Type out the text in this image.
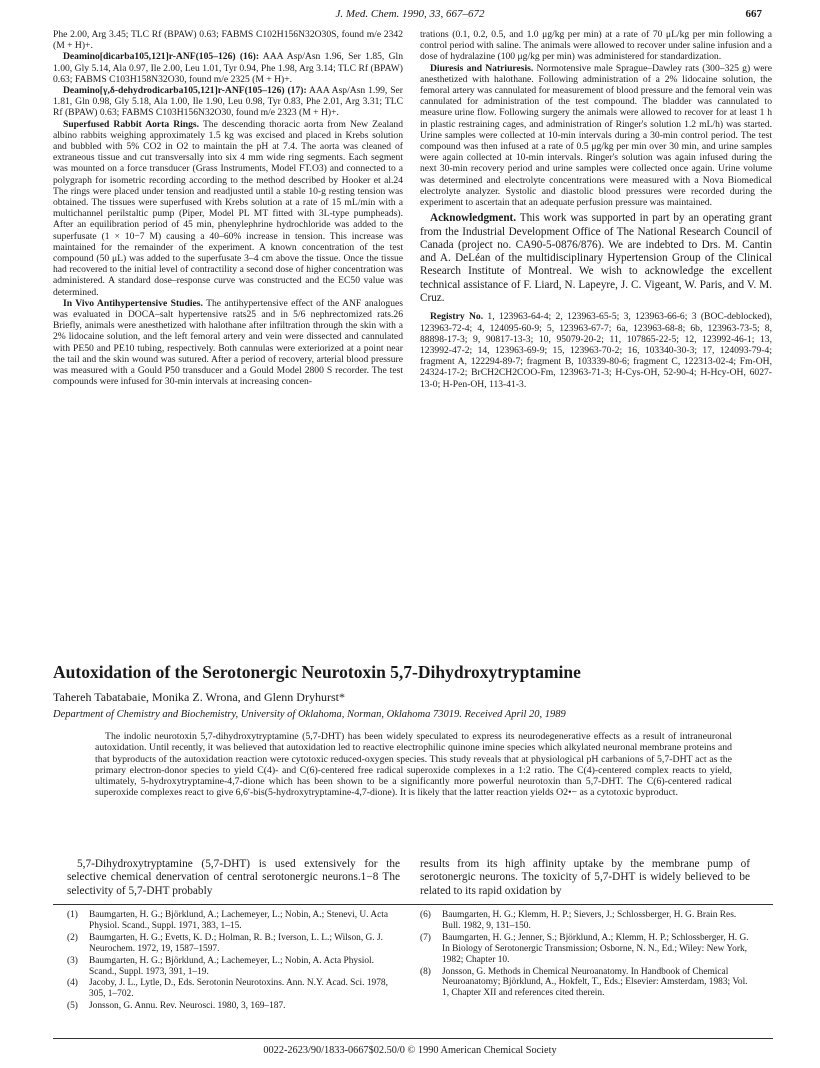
J. Med. Chem. 1990, 33, 667–672	667

Phe 2.00, Arg 3.45; TLC Rf (BPAW) 0.63; FABMS C102H156N32O30S, found m/e 2342 (M + H)+.

Deamino[dicarba105,121]r-ANF(105–126) (16): AAA Asp/Asn 1.96, Ser 1.85, Gln 1.00, Gly 5.14, Ala 0.97, Ile 2.00, Leu 1.01, Tyr 0.94, Phe 1.98, Arg 3.14; TLC Rf (BPAW) 0.63; FABMS C103H158N32O30, found m/e 2325 (M + H)+.

Deamino[γ,δ-dehydrodicarba105,121]r-ANF(105–126) (17): AAA Asp/Asn 1.99, Ser 1.81, Gln 0.98, Gly 5.18, Ala 1.00, Ile 1.90, Leu 0.98, Tyr 0.83, Phe 2.01, Arg 3.31; TLC Rf (BPAW) 0.63; FABMS C103H156N32O30, found m/e 2323 (M + H)+.

Superfused Rabbit Aorta Rings. The descending thoracic aorta from New Zealand albino rabbits weighing approximately 1.5 kg was excised and placed in Krebs solution and bubbled with 5% CO2 in O2 to maintain the pH at 7.4. The aorta was cleaned of extraneous tissue and cut transversally into six 4 mm wide ring segments. Each segment was mounted on a force transducer (Grass Instruments, Model FT.O3) and connected to a polygraph for isometric recording according to the method described by Hooker et al.24 The rings were placed under tension and readjusted until a stable 10-g resting tension was obtained. The tissues were superfused with Krebs solution at a rate of 15 mL/min with a multichannel perilstaltic pump (Piper, Model PL MT fitted with 3L-type pumpheads). After an equilibration period of 45 min, phenylephrine hydrochloride was added to the superfusate (1 × 10−7 M) causing a 40–60% increase in tension. This increase was maintained for the remainder of the experiment. A known concentration of the test compound (50 μL) was added to the superfusate 3–4 cm above the tissue. Once the tissue had recovered to the initial level of contractility a second dose of higher concentration was administered. A standard dose–response curve was constructed and the EC50 value was determined.

In Vivo Antihypertensive Studies. The antihypertensive effect of the ANF analogues was evaluated in DOCA–salt hypertensive rats25 and in 5/6 nephrectomized rats.26 Briefly, animals were anesthetized with halothane after infiltration through the skin with a 2% lidocaine solution, and the left femoral artery and vein were dissected and cannulated with PE50 and PE10 tubing, respectively. Both cannulas were exteriorized at a point near the tail and the skin wound was sutured. After a period of recovery, arterial blood pressure was measured with a Gould P50 transducer and a Gould Model 2800 S recorder. The test compounds were infused for 30-min intervals at increasing concen-

trations (0.1, 0.2, 0.5, and 1.0 μg/kg per min) at a rate of 70 μL/kg per min following a control period with saline. The animals were allowed to recover under saline infusion and a dose of hydralazine (100 μg/kg per min) was administered for standardization.

Diuresis and Natriuresis. Normotensive male Sprague–Dawley rats (300–325 g) were anesthetized with halothane. Following administration of a 2% lidocaine solution, the femoral artery was cannulated for measurement of blood pressure and the femoral vein was cannulated for administration of the test compound. The bladder was cannulated to measure urine flow. Following surgery the animals were allowed to recover for at least 1 h in plastic restraining cages, and administration of Ringer's solution 1.2 mL/h) was started. Urine samples were collected at 10-min intervals during a 30-min control period. The test compound was then infused at a rate of 0.5 μg/kg per min over 30 min, and urine samples were again collected at 10-min intervals. Ringer's solution was again infused during the next 30-min recovery period and urine samples were collected once again. Urine volume was determined and electrolyte concentrations were measured with a Nova Biomedical electrolyte analyzer. Systolic and diastolic blood pressures were recorded during the experiment to ascertain that an adequate perfusion pressure was maintained.

Acknowledgment. This work was supported in part by an operating grant from the Industrial Development Office of The National Research Council of Canada (project no. CA90-5-0876/876). We are indebted to Drs. M. Cantin and A. DeLéan of the multidisciplinary Hypertension Group of the Clinical Research Institute of Montreal. We wish to acknowledge the excellent technical assistance of F. Liard, N. Lapeyre, J. C. Vigeant, W. Paris, and V. M. Cruz.

Registry No. 1, 123963-64-4; 2, 123963-65-5; 3, 123963-66-6; 3 (BOC-deblocked), 123963-72-4; 4, 124095-60-9; 5, 123963-67-7; 6a, 123963-68-8; 6b, 123963-73-5; 8, 88898-17-3; 9, 90817-13-3; 10, 95079-20-2; 11, 107865-22-5; 12, 123992-46-1; 13, 123992-47-2; 14, 123963-69-9; 15, 123963-70-2; 16, 103340-30-3; 17, 124093-79-4; fragment A, 122294-89-7; fragment B, 103339-80-6; fragment C, 122313-02-4; Fm-OH, 24324-17-2; BrCH2CH2COO-Fm, 123963-71-3; H-Cys-OH, 52-90-4; H-Hcy-OH, 6027-13-0; H-Pen-OH, 113-41-3.

Autoxidation of the Serotonergic Neurotoxin 5,7-Dihydroxytryptamine
Tahereh Tabatabaie, Monika Z. Wrona, and Glenn Dryhurst*
Department of Chemistry and Biochemistry, University of Oklahoma, Norman, Oklahoma 73019. Received April 20, 1989

The indolic neurotoxin 5,7-dihydroxytryptamine (5,7-DHT) has been widely speculated to express its neurodegenerative effects as a result of intraneuronal autoxidation. Until recently, it was believed that autoxidation led to reactive electrophilic quinone imine species which alkylated neuronal membrane proteins and that byproducts of the autoxidation reaction were cytotoxic reduced-oxygen species. This study reveals that at physiological pH carbanions of 5,7-DHT act as the primary electron-donor species to yield C(4)- and C(6)-centered free radical superoxide complexes in a 1:2 ratio. The C(4)-centered complex reacts to yield, ultimately, 5-hydroxytryptamine-4,7-dione which has been shown to be a significantly more powerful neurotoxin than 5,7-DHT. The C(6)-centered radical superoxide complexes react to give 6,6′-bis(5-hydroxytryptamine-4,7-dione). It is likely that the latter reaction yields O2•− as a cytotoxic byproduct.

5,7-Dihydroxytryptamine (5,7-DHT) is used extensively for the selective chemical denervation of central serotonergic neurons.1−8 The selectivity of 5,7-DHT probably

results from its high affinity uptake by the membrane pump of serotonergic neurons. The toxicity of 5,7-DHT is widely believed to be related to its rapid oxidation by

(1) Baumgarten, H. G.; Björklund, A.; Lachemeyer, L.; Nobin, A.; Stenevi, U. Acta Physiol. Scand., Suppl. 1971, 383, 1–15.
(2) Baumgarten, H. G.; Evetts, K. D.; Holman, R. B.; Iverson, L. L.; Wilson, G. J. Neurochem. 1972, 19, 1587–1597.
(3) Baumgarten, H. G.; Björklund, A.; Lachemeyer, L.; Nobin, A. Acta Physiol. Scand., Suppl. 1973, 391, 1–19.
(4) Jacoby, J. L., Lytle, D., Eds. Serotonin Neurotoxins. Ann. N.Y. Acad. Sci. 1978, 305, 1–702.
(5) Jonsson, G. Annu. Rev. Neurosci. 1980, 3, 169–187.
(6) Baumgarten, H. G.; Klemm, H. P.; Sievers, J.; Schlossberger, H. G. Brain Res. Bull. 1982, 9, 131–150.
(7) Baumgarten, H. G.; Jenner, S.; Björklund, A.; Klemm, H. P.; Schlossberger, H. G. In Biology of Serotonergic Transmission; Osborne, N. N., Ed.; Wiley: New York, 1982; Chapter 10.
(8) Jonsson, G. Methods in Chemical Neuroanatomy. In Handbook of Chemical Neuroanatomy; Björklund, A., Hokfelt, T., Eds.; Elsevier: Amsterdam, 1983; Vol. 1, Chapter XII and references cited therein.
0022-2623/90/1833-0667$02.50/0 © 1990 American Chemical Society
